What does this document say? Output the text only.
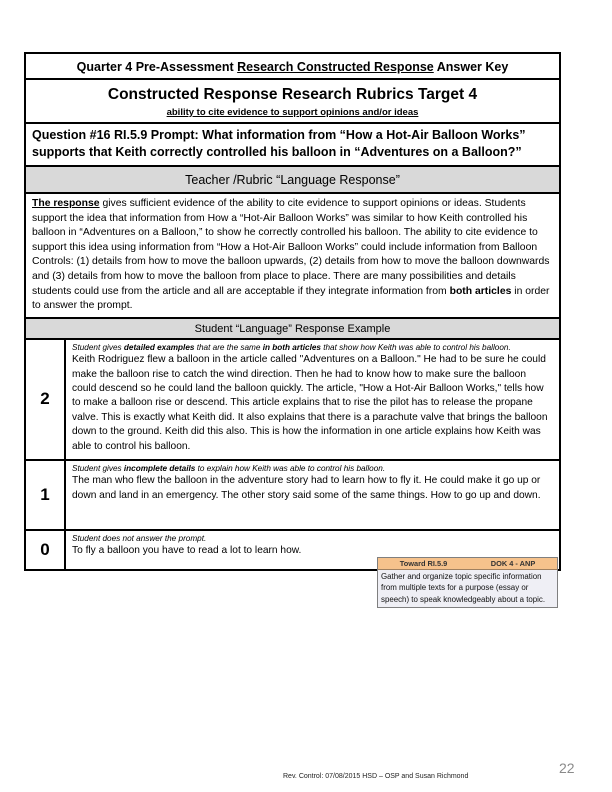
Quarter 4 Pre-Assessment Research Constructed Response Answer Key
Constructed Response Research Rubrics Target 4
ability to cite evidence to support opinions and/or ideas
Question #16 RI.5.9 Prompt: What information from “How a Hot-Air Balloon Works” supports that Keith correctly controlled his balloon in “Adventures on a Balloon?”
Teacher /Rubric “Language Response”
The response gives sufficient evidence of the ability to cite evidence to support opinions or ideas. Students support the idea that information from How a “Hot-Air Balloon Works” was similar to how Keith controlled his balloon in “Adventures on a Balloon,” to show he correctly controlled his balloon. The ability to cite evidence to support this idea using information from “How a Hot-Air Balloon Works” could include information from Balloon Controls: (1) details from how to move the balloon upwards, (2) details from how to move the balloon downwards and (3) details from how to move the balloon from place to place. There are many possibilities and details students could use from the article and all are acceptable if they integrate information from both articles in order to answer the prompt.
Student “Language” Response Example
2
Student gives detailed examples that are the same in both articles that show how Keith was able to control his balloon.
Keith Rodriguez flew a balloon in the article called "Adventures on a Balloon." He had to be sure he could make the balloon rise to catch the wind direction. Then he had to know how to make sure the balloon could descend so he could land the balloon quickly. The article, "How a Hot-Air Balloon Works," tells how to make a balloon rise or descend. This article explains that to rise the pilot has to release the propane valve. This is exactly what Keith did. It also explains that there is a parachute valve that brings the balloon down to the ground. Keith did this also. This is how the information in one article explains how Keith was able to control his balloon.
1
Student gives incomplete details to explain how Keith was able to control his balloon.
The man who flew the balloon in the adventure story had to learn how to fly it. He could make it go up or down and land in an emergency. The other story said some of the same things. How to go up and down.
0
Student does not answer the prompt.
To fly a balloon you have to read a lot to learn how.
Toward RI.5.9	DOK 4 - ANP
Gather and organize topic specific information from multiple texts for a purpose (essay or speech) to speak knowledgeably about a topic.
Rev. Control: 07/08/2015 HSD – OSP and Susan Richmond
22
